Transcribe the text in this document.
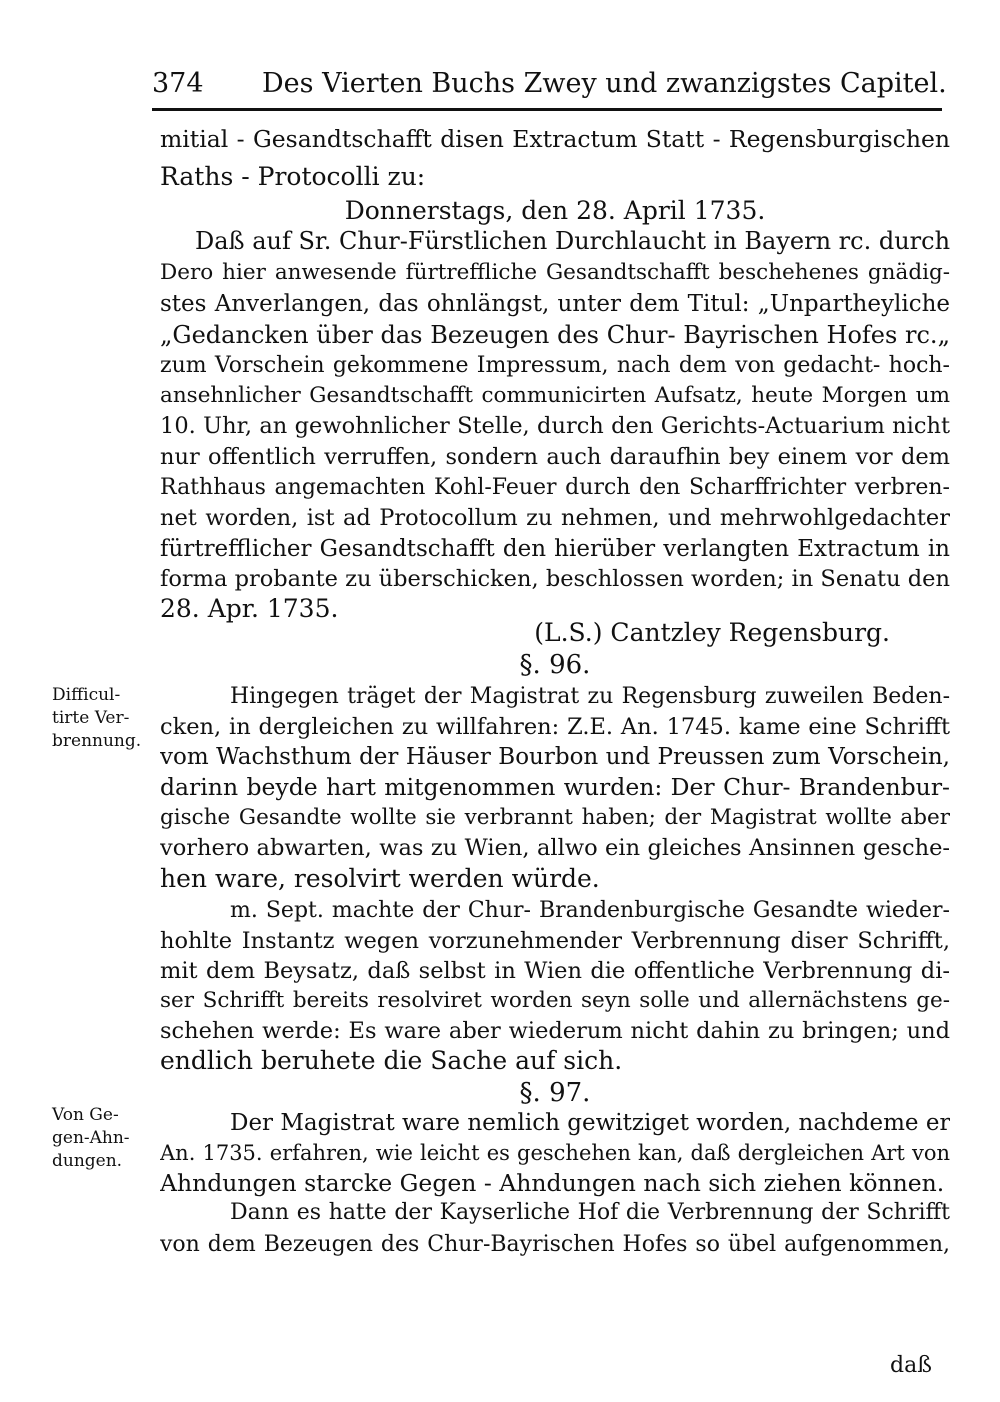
374 Des Vierten Buchs Zwey und zwanzigstes Capitel.
mitial - Gesandtschafft disen Extractum Statt - Regensburgischen
Raths - Protocolli zu:
Donnerstags, den 28. April 1735.
Daß auf Sr. Chur-Fürstlichen Durchlaucht in Bayern rc. durch
Dero hier anwesende fürtreffliche Gesandtschafft beschehenes gnädig-
stes Anverlangen, das ohnlängst, unter dem Titul: „Unpartheyliche
„Gedancken über das Bezeugen des Chur- Bayrischen Hofes rc.„
zum Vorschein gekommene Impressum, nach dem von gedacht- hoch-
ansehnlicher Gesandtschafft communicirten Aufsatz, heute Morgen um
10. Uhr, an gewohnlicher Stelle, durch den Gerichts-Actuarium nicht
nur offentlich verruffen, sondern auch daraufhin bey einem vor dem
Rathhaus angemachten Kohl-Feuer durch den Scharffrichter verbren-
net worden, ist ad Protocollum zu nehmen, und mehrwohlgedachter
fürtrefflicher Gesandtschafft den hierüber verlangten Extractum in
forma probante zu überschicken, beschlossen worden; in Senatu den
28. Apr. 1735.
(L.S.) Cantzley Regensburg.
§. 96.
Difficul-
tirte Ver-
brennung.
Hingegen träget der Magistrat zu Regensburg zuweilen Beden-
cken, in dergleichen zu willfahren: Z.E. An. 1745. kame eine Schrifft
vom Wachsthum der Häuser Bourbon und Preussen zum Vorschein,
darinn beyde hart mitgenommen wurden: Der Chur- Brandenbur-
gische Gesandte wollte sie verbrannt haben; der Magistrat wollte aber
vorhero abwarten, was zu Wien, allwo ein gleiches Ansinnen gesche-
hen ware, resolvirt werden würde.
m. Sept. machte der Chur- Brandenburgische Gesandte wieder-
hohlte Instantz wegen vorzunehmender Verbrennung diser Schrifft,
mit dem Beysatz, daß selbst in Wien die offentliche Verbrennung di-
ser Schrifft bereits resolviret worden seyn solle und allernächstens ge-
schehen werde: Es ware aber wiederum nicht dahin zu bringen; und
endlich beruhete die Sache auf sich.
§. 97.
Von Ge-
gen-Ahn-
dungen.
Der Magistrat ware nemlich gewitziget worden, nachdeme er
An. 1735. erfahren, wie leicht es geschehen kan, daß dergleichen Art von
Ahndungen starcke Gegen - Ahndungen nach sich ziehen können.
Dann es hatte der Kayserliche Hof die Verbrennung der Schrifft
von dem Bezeugen des Chur-Bayrischen Hofes so übel aufgenommen,
daß
